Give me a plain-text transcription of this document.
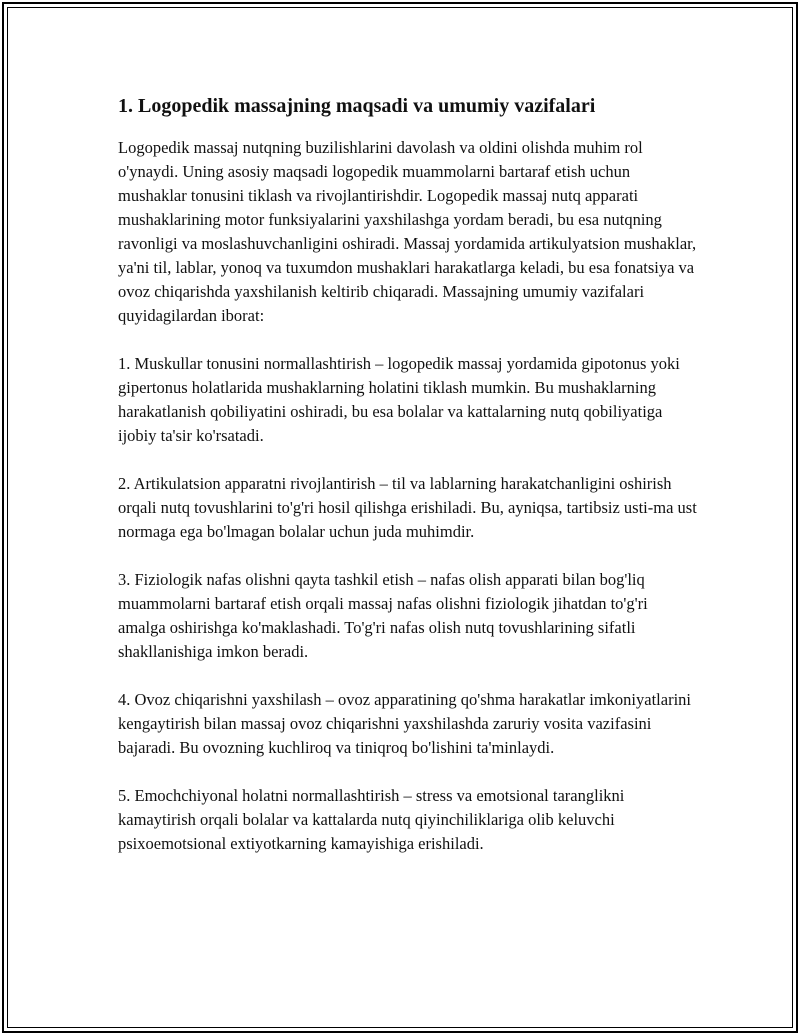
1. Logopedik massajning maqsadi va umumiy vazifalari

Logopedik massaj nutqning buzilishlarini davolash va oldini olishda muhim rol o'ynaydi. Uning asosiy maqsadi logopedik muammolarni bartaraf etish uchun mushaklar tonusini tiklash va rivojlantirishdir. Logopedik massaj nutq apparati mushaklarining motor funksiyalarini yaxshilashga yordam beradi, bu esa nutqning ravonligi va moslashuvchanligini oshiradi. Massaj yordamida artikulyatsion mushaklar, ya'ni til, lablar, yonoq va tuxumdon mushaklari harakatlarga keladi, bu esa fonatsiya va ovoz chiqarishda yaxshilanish keltirib chiqaradi. Massajning umumiy vazifalari quyidagilardan iborat:

1. Muskullar tonusini normallashtirish – logopedik massaj yordamida gipotonus yoki gipertonus holatlarida mushaklarning holatini tiklash mumkin. Bu mushaklarning harakatlanish qobiliyatini oshiradi, bu esa bolalar va kattalarning nutq qobiliyatiga ijobiy ta'sir ko'rsatadi.

2. Artikulatsion apparatni rivojlantirish – til va lablarning harakatchanligini oshirish orqali nutq tovushlarini to'g'ri hosil qilishga erishiladi. Bu, ayniqsa, tartibsiz usti-ma ust normaga ega bo'lmagan bolalar uchun juda muhimdir.

3. Fiziologik nafas olishni qayta tashkil etish – nafas olish apparati bilan bog'liq muammolarni bartaraf etish orqali massaj nafas olishni fiziologik jihatdan to'g'ri amalga oshirishga ko'maklashadi. To'g'ri nafas olish nutq tovushlarining sifatli shakllanishiga imkon beradi.

4. Ovoz chiqarishni yaxshilash – ovoz apparatining qo'shma harakatlar imkoniyatlarini kengaytirish bilan massaj ovoz chiqarishni yaxshilashda zaruriy vosita vazifasini bajaradi. Bu ovozning kuchliroq va tiniqroq bo'lishini ta'minlaydi.

5. Emochchiyonal holatni normallashtirish – stress va emotsional taranglikni kamaytirish orqali bolalar va kattalarda nutq qiyinchiliklariga olib keluvchi psixoemotsional extiyotkarning kamayishiga erishiladi.
